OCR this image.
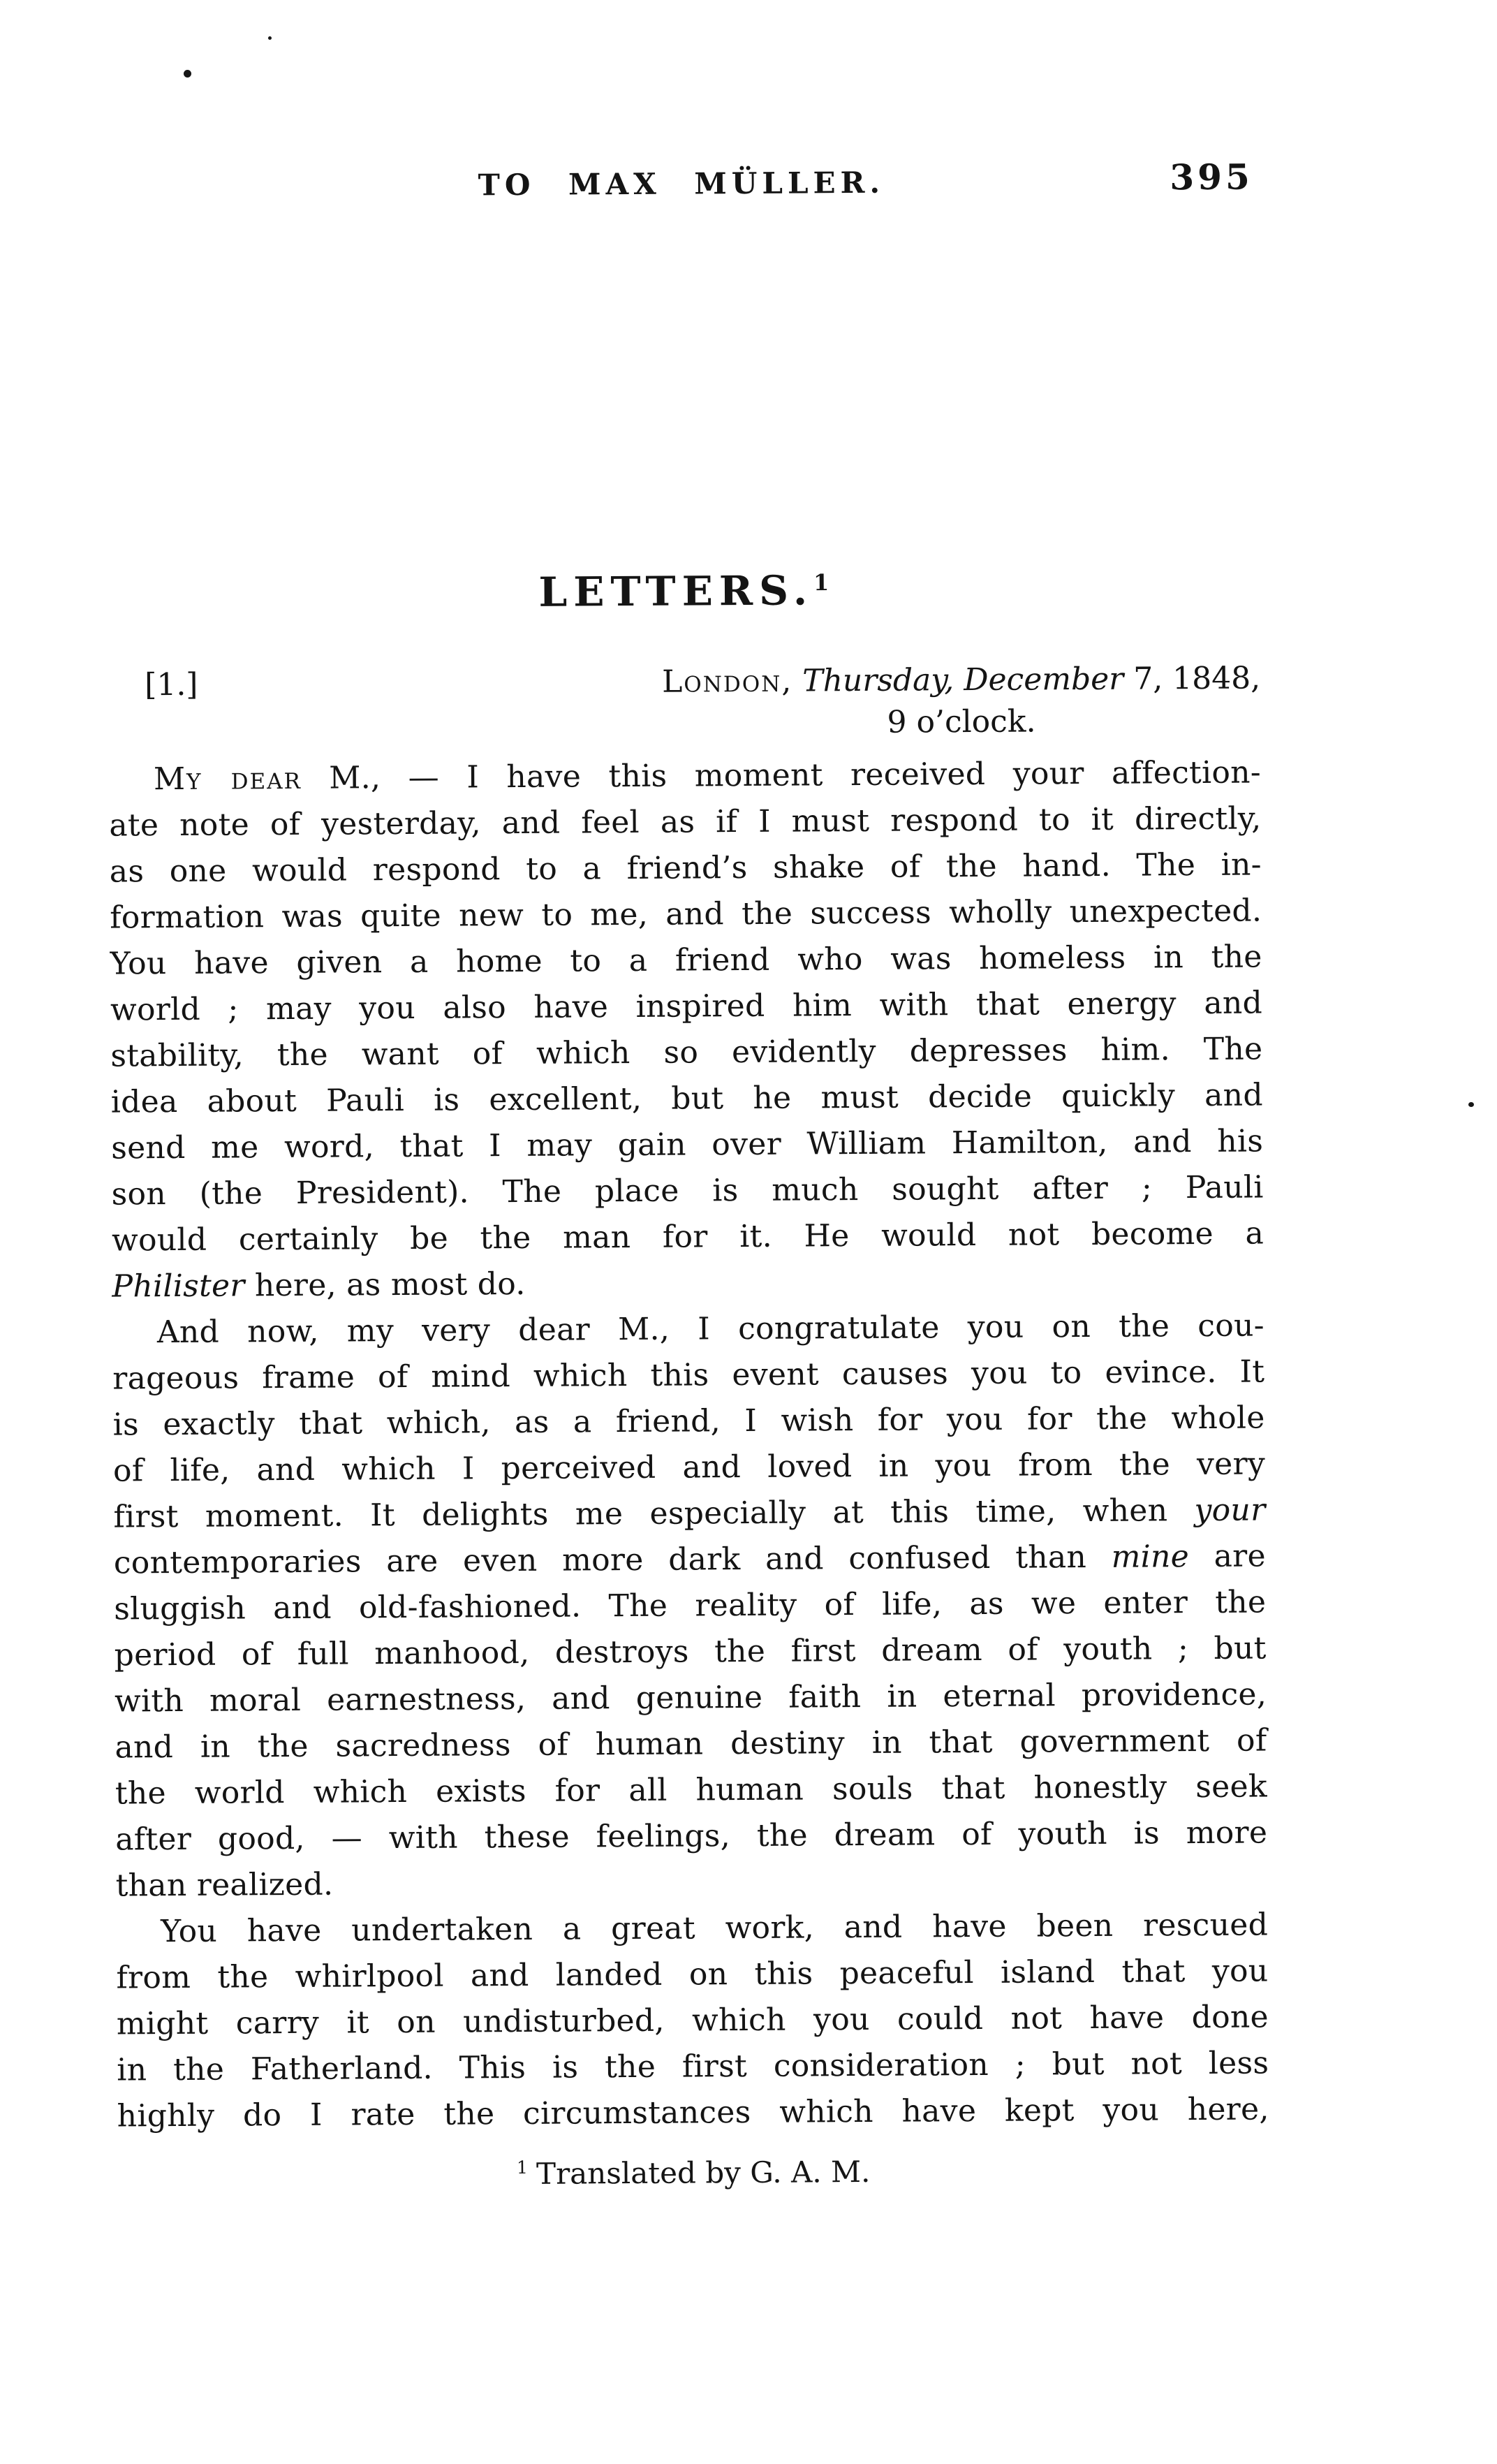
TO MAX MÜLLER.	395
LETTERS.$^1$
[1.]	London, Thursday, December 7, 1848,
9 o’clock.
My dear M., — I have this moment received your affection-
ate note of yesterday, and feel as if I must respond to it directly,
as one would respond to a friend’s shake of the hand. The in-
formation was quite new to me, and the success wholly unexpected.
You have given a home to a friend who was homeless in the
world ; may you also have inspired him with that energy and
stability, the want of which so evidently depresses him. The
idea about Pauli is excellent, but he must decide quickly and
send me word, that I may gain over William Hamilton, and his
son (the President). The place is much sought after ; Pauli
would certainly be the man for it. He would not become a
Philister here, as most do.
And now, my very dear M., I congratulate you on the cou-
rageous frame of mind which this event causes you to evince. It
is exactly that which, as a friend, I wish for you for the whole
of life, and which I perceived and loved in you from the very
first moment. It delights me especially at this time, when your
contemporaries are even more dark and confused than mine are
sluggish and old-fashioned. The reality of life, as we enter the
period of full manhood, destroys the first dream of youth ; but
with moral earnestness, and genuine faith in eternal providence,
and in the sacredness of human destiny in that government of
the world which exists for all human souls that honestly seek
after good, — with these feelings, the dream of youth is more
than realized.
You have undertaken a great work, and have been rescued
from the whirlpool and landed on this peaceful island that you
might carry it on undisturbed, which you could not have done
in the Fatherland. This is the first consideration ; but not less
highly do I rate the circumstances which have kept you here,
$^1$ Translated by G. A. M.
